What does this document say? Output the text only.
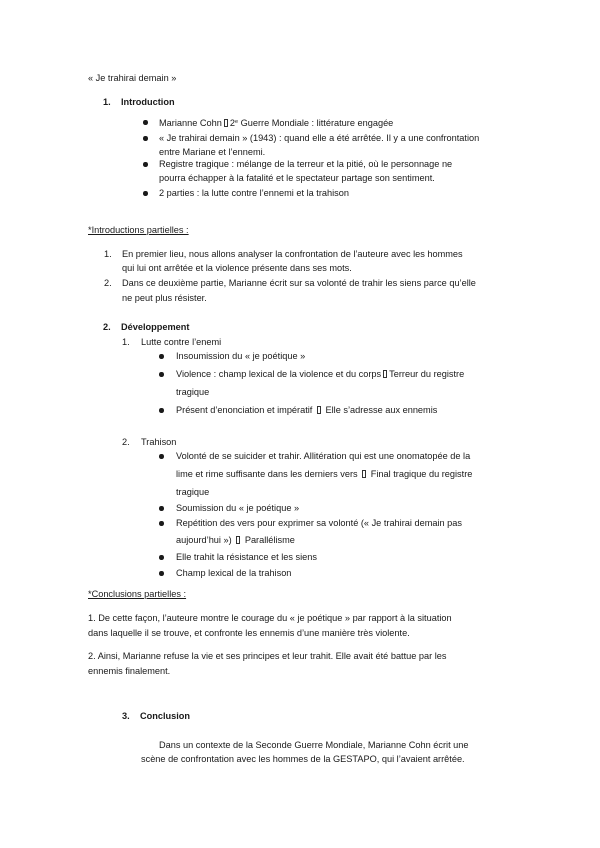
« Je trahirai demain »
1. Introduction
Marianne Cohn 2e Guerre Mondiale : littérature engagée
« Je trahirai demain » (1943) : quand elle a été arrêtée. Il y a une confrontation
entre Mariane et l’ennemi.
Registre tragique : mélange de la terreur et la pitié, où le personnage ne
pourra échapper à la fatalité et le spectateur partage son sentiment.
2 parties : la lutte contre l’ennemi et la trahison
*Introductions partielles :
1. En premier lieu, nous allons analyser la confrontation de l’auteure avec les hommes
qui lui ont arrêtée et la violence présente dans ses mots.
2. Dans ce deuxième partie, Marianne écrit sur sa volonté de trahir les siens parce qu’elle
ne peut plus résister.
2. Développement
1. Lutte contre l’enemi
Insoumission du « je poétique »
Violence : champ lexical de la violence et du corps Terreur du registre
tragique
Présent d’enonciation et impératif Elle s’adresse aux ennemis
2. Trahison
Volonté de se suicider et trahir. Allitération qui est une onomatopée de la
lime et rime suffisante dans les derniers vers Final tragique du registre
tragique
Soumission du « je poétique »
Repétition des vers pour exprimer sa volonté (« Je trahirai demain pas
aujourd’hui ») Parallélisme
Elle trahit la résistance et les siens
Champ lexical de la trahison
*Conclusions partielles :
1. De cette façon, l’auteure montre le courage du « je poétique » par rapport à la situation
dans laquelle il se trouve, et confronte les ennemis d’une manière très violente.
2. Ainsi, Marianne refuse la vie et ses principes et leur trahit. Elle avait été battue par les
ennemis finalement.
3. Conclusion
Dans un contexte de la Seconde Guerre Mondiale, Marianne Cohn écrit une
scène de confrontation avec les hommes de la GESTAPO, qui l’avaient arrêtée.
